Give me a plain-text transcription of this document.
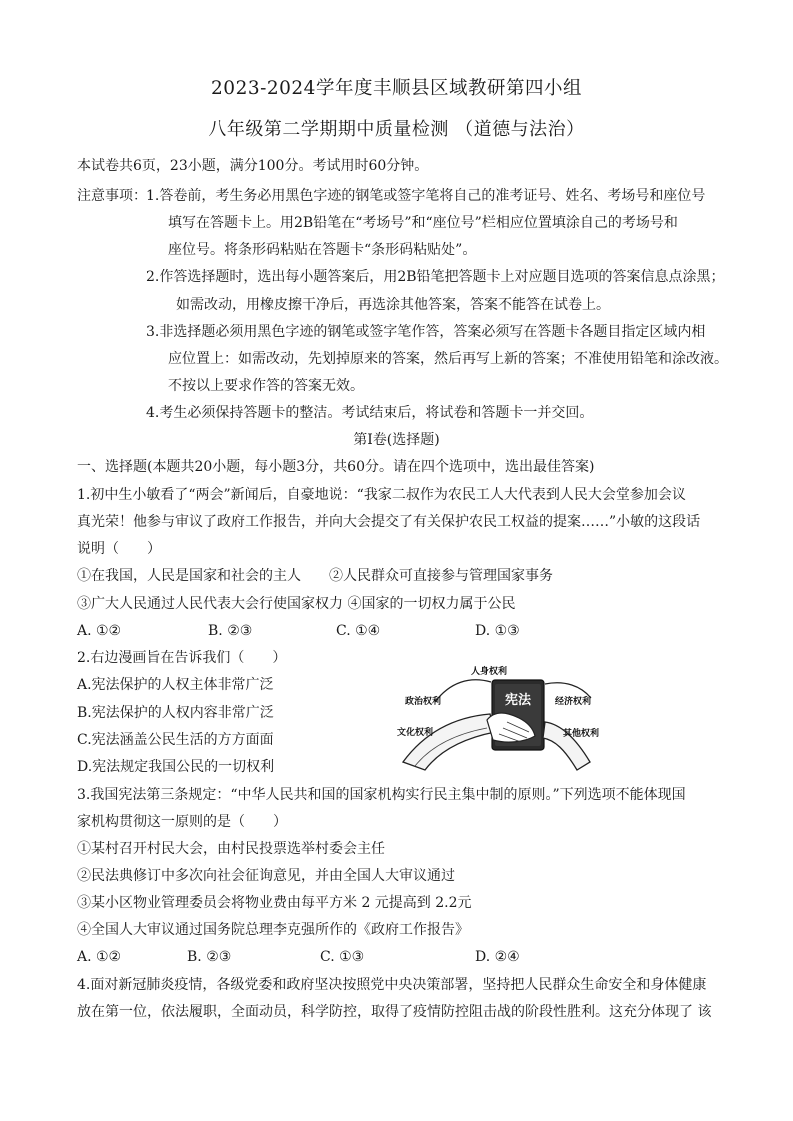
2023-2024学年度丰顺县区域教研第四小组
八年级第二学期期中质量检测 （道德与法治）
本试卷共6页，23小题，满分100分。考试用时60分钟。
注意事项： 1.答卷前，考生务必用黑色字迹的钢笔或签字笔将自己的准考证号、姓名、考场号和座位号
填写在答题卡上。用2B铅笔在“考场号”和“座位号”栏相应位置填涂自己的考场号和
座位号。将条形码粘贴在答题卡“条形码粘贴处”。
2.作答选择题时，选出每小题答案后，用2B铅笔把答题卡上对应题目选项的答案信息点涂黑；
如需改动，用橡皮擦干净后，再选涂其他答案，答案不能答在试卷上。
3.非选择题必须用黑色字迹的钢笔或签字笔作答，答案必须写在答题卡各题目指定区域内相
应位置上：如需改动，先划掉原来的答案，然后再写上新的答案；不准使用铅笔和涂改液。
不按以上要求作答的答案无效。
4.考生必须保持答题卡的整洁。考试结束后，将试卷和答题卡一并交回。
第Ⅰ卷(选择题)
一、选择题(本题共20小题，每小题3分，共60分。请在四个选项中，选出最佳答案)
1.初中生小敏看了“两会”新闻后，自豪地说：“我家二叔作为农民工人大代表到人民大会堂参加会议
真光荣！他参与审议了政府工作报告，并向大会提交了有关保护农民工权益的提案……”小敏的这段话
说明（　　）
①在我国，人民是国家和社会的主人　　②人民群众可直接参与管理国家事务
③广大人民通过人民代表大会行使国家权力 ④国家的一切权力属于公民
A. ①②	B. ②③	C. ①④	D. ①③
2.右边漫画旨在告诉我们（　　）
A.宪法保护的人权主体非常广泛
B.宪法保护的人权内容非常广泛
C.宪法涵盖公民生活的方方面面
D.宪法规定我国公民的一切权利
宪法
人身权利
政治权利	经济权利
文化权利	其他权利
3.我国宪法第三条规定：“中华人民共和国的国家机构实行民主集中制的原则。”下列选项不能体现国
家机构贯彻这一原则的是（　　）
①某村召开村民大会，由村民投票选举村委会主任
②民法典修订中多次向社会征询意见，并由全国人大审议通过
③某小区物业管理委员会将物业费由每平方米 2 元提高到 2.2元
④全国人大审议通过国务院总理李克强所作的《政府工作报告》
A. ①②	B. ②③	C. ①③	D. ②④
4.面对新冠肺炎疫情，各级党委和政府坚决按照党中央决策部署，坚持把人民群众生命安全和身体健康
放在第一位，依法履职，全面动员，科学防控，取得了疫情防控阻击战的阶段性胜利。这充分体现了 该
